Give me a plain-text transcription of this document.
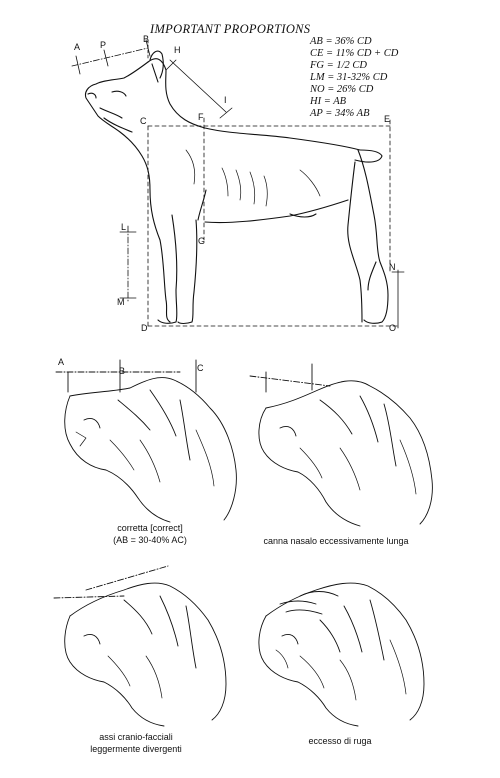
IMPORTANT PROPORTIONS
AB = 36% CD
CE = 11% CD + CD
FG = 1/2 CD
LM = 31-32% CD
NO = 26% CD
HI = AB
AP = 34% AB
A P
B
H
I
C	F	E
G
L
M
N
D	O
A
B	C
corretta [correct]
(AB = 30-40% AC)	canna nasalo eccessivamente lunga
assi cranio-facciali
leggermente divergenti
eccesso di ruga
